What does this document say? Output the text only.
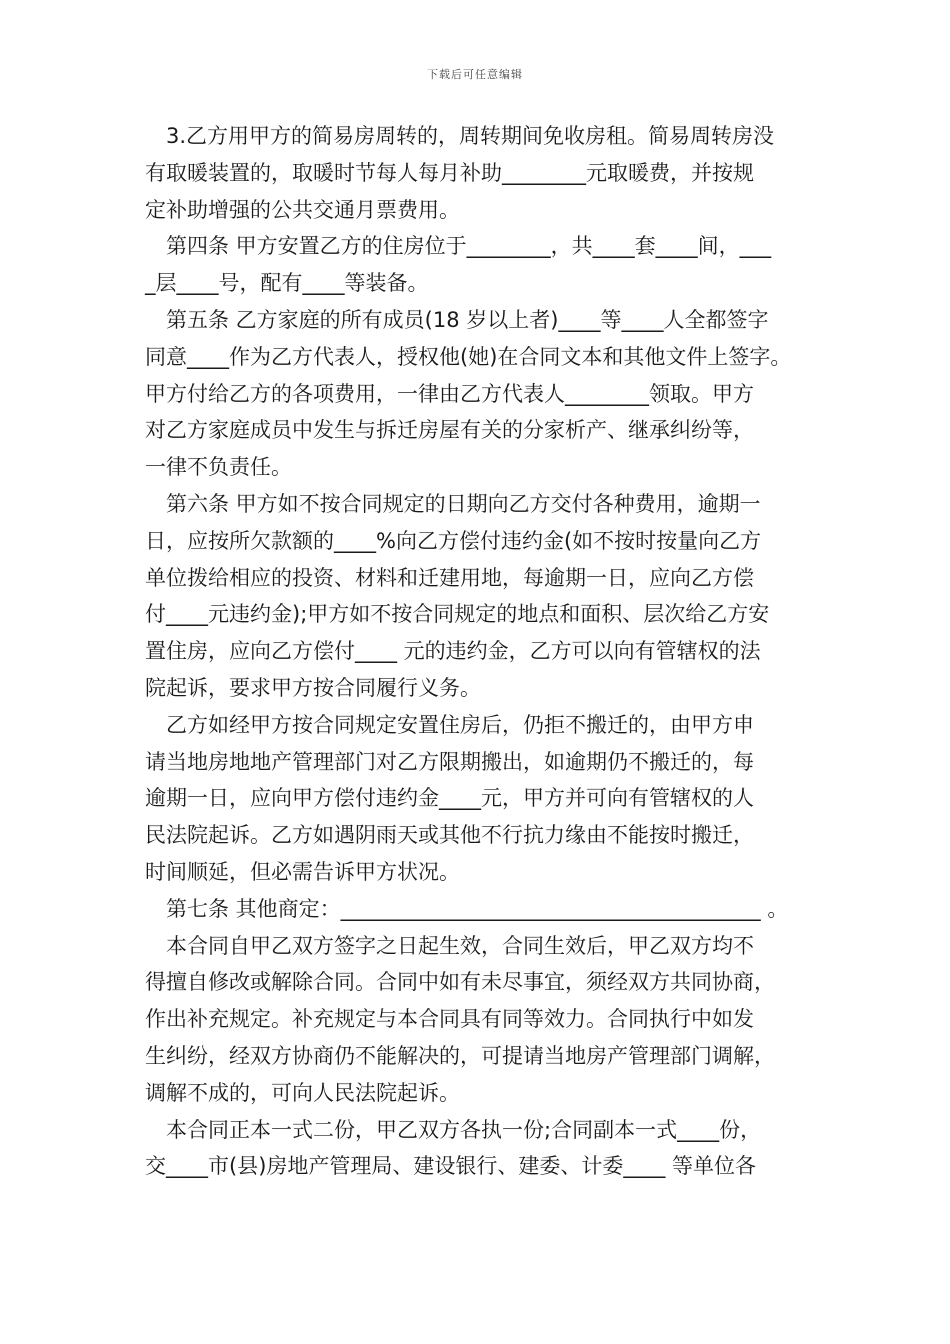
下载后可任意编辑

3.乙方用甲方的简易房周转的，周转期间免收房租。简易周转房没
有取暖装置的，取暖时节每人每月补助________元取暖费，并按规
定补助增强的公共交通月票费用。

第四条 甲方安置乙方的住房位于________，共____套____间，___
_层____号，配有____等装备。

第五条 乙方家庭的所有成员(18 岁以上者)____等____人全都签字
同意____作为乙方代表人，授权他(她)在合同文本和其他文件上签字。
甲方付给乙方的各项费用，一律由乙方代表人________领取。甲方
对乙方家庭成员中发生与拆迁房屋有关的分家析产、继承纠纷等，
一律不负责任。

第六条 甲方如不按合同规定的日期向乙方交付各种费用，逾期一
日，应按所欠款额的____%向乙方偿付违约金(如不按时按量向乙方
单位拨给相应的投资、材料和迁建用地，每逾期一日，应向乙方偿
付____元违约金);甲方如不按合同规定的地点和面积、层次给乙方安
置住房，应向乙方偿付____ 元的违约金，乙方可以向有管辖权的法
院起诉，要求甲方按合同履行义务。

乙方如经甲方按合同规定安置住房后，仍拒不搬迁的，由甲方申
请当地房地地产管理部门对乙方限期搬出，如逾期仍不搬迁的，每
逾期一日，应向甲方偿付违约金____元，甲方并可向有管辖权的人
民法院起诉。乙方如遇阴雨天或其他不行抗力缘由不能按时搬迁，
时间顺延，但必需告诉甲方状况。

第七条 其他商定：________________________________________ 。

本合同自甲乙双方签字之日起生效，合同生效后，甲乙双方均不
得擅自修改或解除合同。合同中如有未尽事宜，须经双方共同协商，
作出补充规定。补充规定与本合同具有同等效力。合同执行中如发
生纠纷，经双方协商仍不能解决的，可提请当地房产管理部门调解，
调解不成的，可向人民法院起诉。

本合同正本一式二份，甲乙双方各执一份;合同副本一式____份，
交____市(县)房地产管理局、建设银行、建委、计委____ 等单位各
